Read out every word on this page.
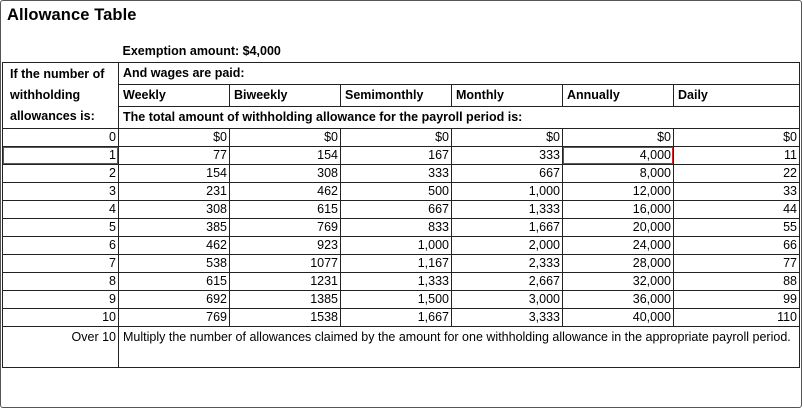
Allowance Table
	Exemption amount: $4,000					
If the number of withholding allowances is:	And wages are paid:					
	Weekly	Biweekly	Semimonthly	Monthly	Annually	Daily
	The total amount of withholding allowance for the payroll period is:					
0	$0	$0	$0	$0	$0	$0
1	77	154	167	333	4,000	11
2	154	308	333	667	8,000	22
3	231	462	500	1,000	12,000	33
4	308	615	667	1,333	16,000	44
5	385	769	833	1,667	20,000	55
6	462	923	1,000	2,000	24,000	66
7	538	1077	1,167	2,333	28,000	77
8	615	1231	1,333	2,667	32,000	88
9	692	1385	1,500	3,000	36,000	99
10	769	1538	1,667	3,333	40,000	110
Over 10	Multiply the number of allowances claimed by the amount for one withholding allowance in the appropriate payroll period.					
